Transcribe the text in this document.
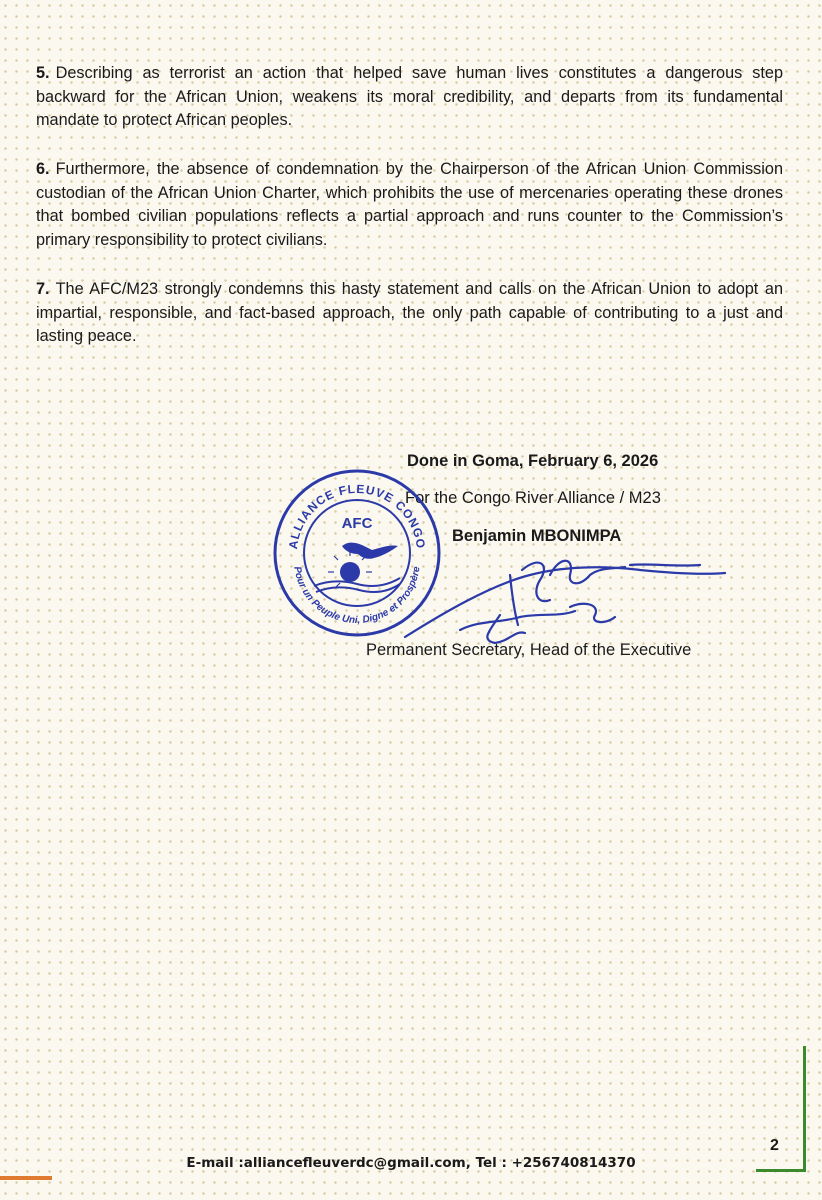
5. Describing as terrorist an action that helped save human lives constitutes a dangerous step backward for the African Union, weakens its moral credibility, and departs from its fundamental mandate to protect African peoples.

6. Furthermore, the absence of condemnation by the Chairperson of the African Union Commission custodian of the African Union Charter, which prohibits the use of mercenaries operating these drones that bombed civilian populations reflects a partial approach and runs counter to the Commission’s primary responsibility to protect civilians.

7. The AFC/M23 strongly condemns this hasty statement and calls on the African Union to adopt an impartial, responsible, and fact-based approach, the only path capable of contributing to a just and lasting peace.

Done in Goma, February 6, 2026

For the Congo River Alliance / M23

Benjamin MBONIMPA

ALLIANCE FLEUVE CONGO
Pour un Peuple Uni, Digne et Prospère
AFC

Permanent Secretary, Head of the Executive

2

E-mail :alliancefleuverdc@gmail.com, Tel : +256740814370
